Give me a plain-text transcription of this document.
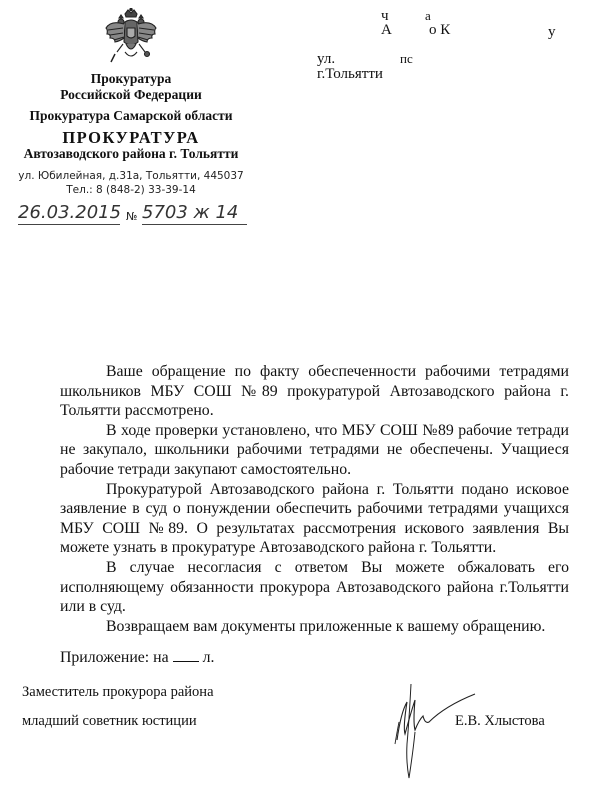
Прокуратура
Российской Федерации
Прокуратура Самарской области
ПРОКУРАТУРА
Автозаводского района г. Тольятти
ул. Юбилейная, д.31а, Тольятти, 445037
Тел.: 8 (848-2) 33-39-14
26.03.2015 № 5703 ж 14
ч	а
А о К	у
ул.	пс
г.Тольятти

Ваше обращение по факту обеспеченности рабочими тетрадями школьников МБУ СОШ №89 прокуратурой Автозаводского района г. Тольятти рассмотрено.

В ходе проверки установлено, что МБУ СОШ №89 рабочие тетради не закупало, школьники рабочими тетрадями не обеспечены. Учащиеся рабочие тетради закупают самостоятельно.

Прокуратурой Автозаводского района г. Тольятти подано исковое заявление в суд о понуждении обеспечить рабочими тетрадями учащихся МБУ СОШ №89. О результатах рассмотрения искового заявления Вы можете узнать в прокуратуре Автозаводского района г. Тольятти.

В случае несогласия с ответом Вы можете обжаловать его исполняющему обязанности прокурора Автозаводского района г.Тольятти или в суд.

Возвращаем вам документы приложенные к вашему обращению.

Приложение: на л.
Заместитель прокурора района
младший советник юстиции	Е.В. Хлыстова
